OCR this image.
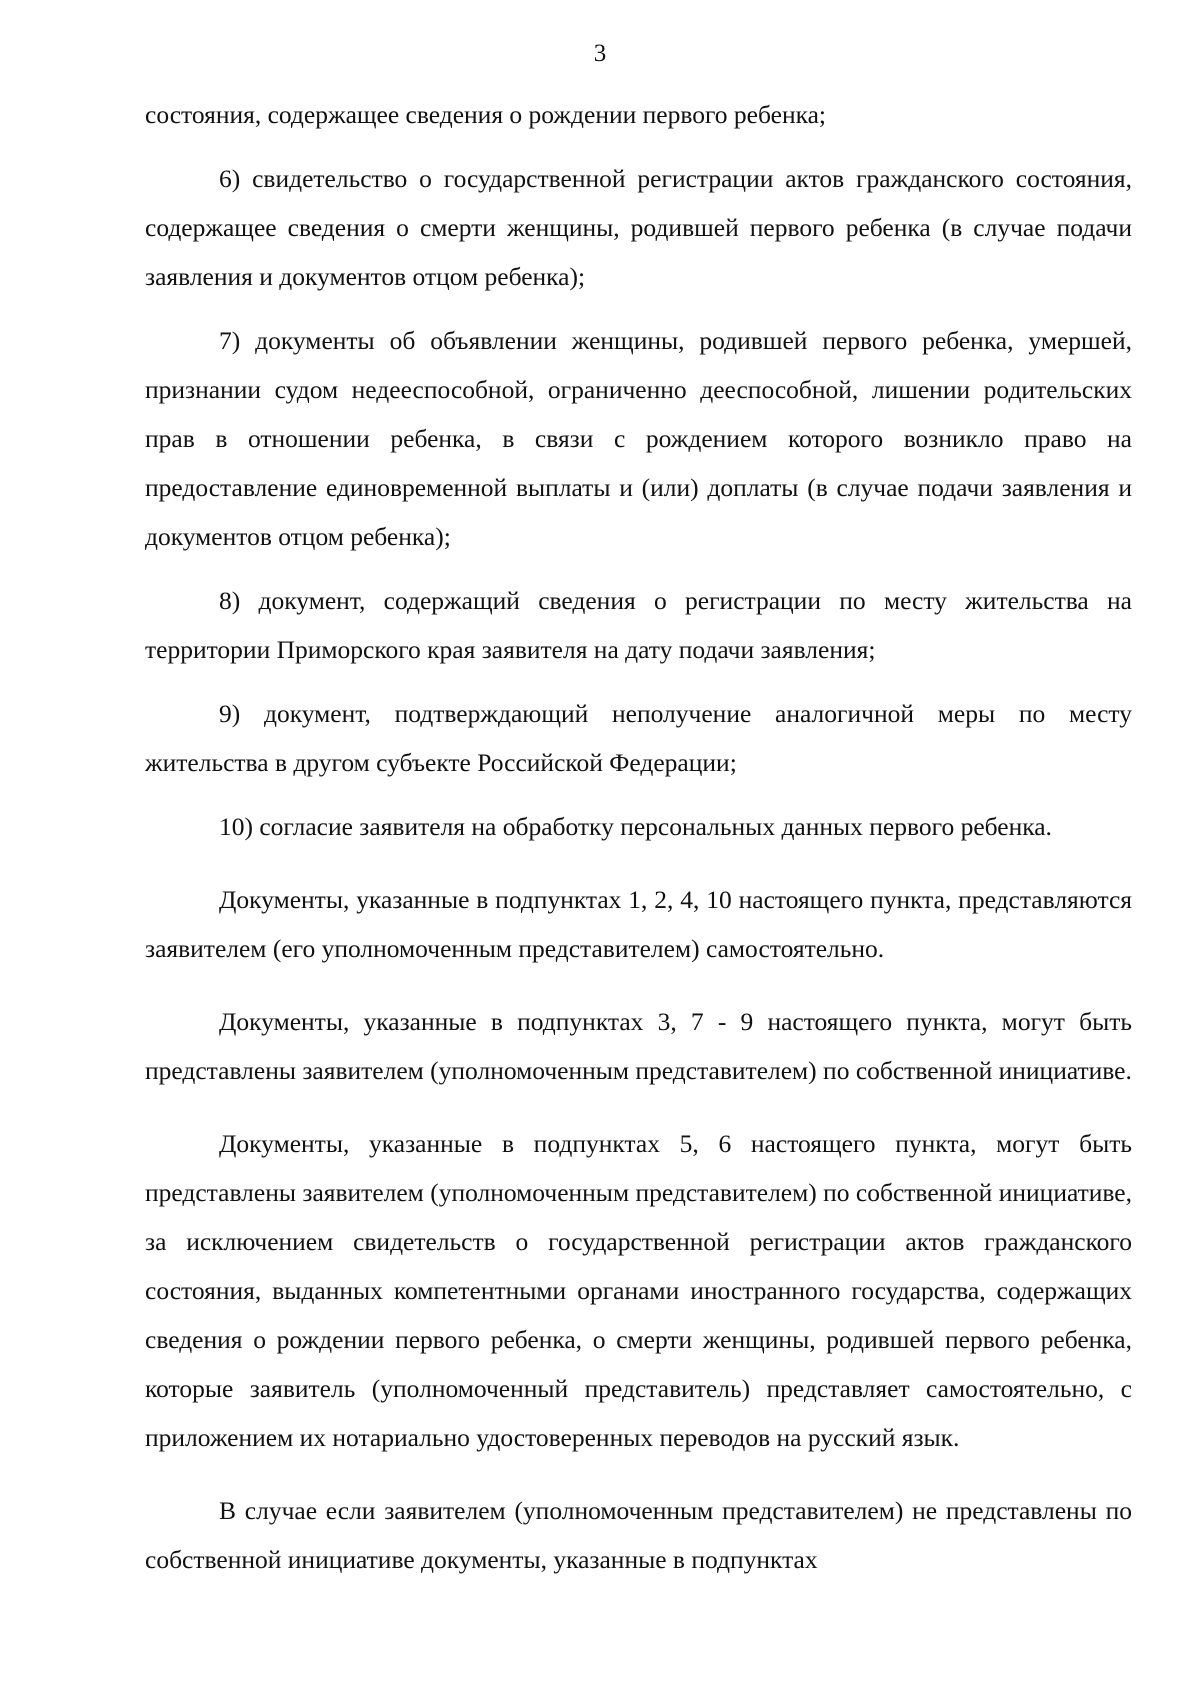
3

состояния, содержащее сведения о рождении первого ребенка;

6) свидетельство о государственной регистрации актов гражданского состояния, содержащее сведения о смерти женщины, родившей первого ребенка (в случае подачи заявления и документов отцом ребенка);

7) документы об объявлении женщины, родившей первого ребенка, умершей, признании судом недееспособной, ограниченно дееспособной, лишении родительских прав в отношении ребенка, в связи с рождением которого возникло право на предоставление единовременной выплаты и (или) доплаты (в случае подачи заявления и документов отцом ребенка);

8) документ, содержащий сведения о регистрации по месту жительства на территории Приморского края заявителя на дату подачи заявления;

9) документ, подтверждающий неполучение аналогичной меры по месту жительства в другом субъекте Российской Федерации;

10) согласие заявителя на обработку персональных данных первого ребенка.

Документы, указанные в подпунктах 1, 2, 4, 10 настоящего пункта, представляются заявителем (его уполномоченным представителем) самостоятельно.

Документы, указанные в подпунктах 3, 7 - 9 настоящего пункта, могут быть представлены заявителем (уполномоченным представителем) по собственной инициативе.

Документы, указанные в подпунктах 5, 6 настоящего пункта, могут быть представлены заявителем (уполномоченным представителем) по собственной инициативе, за исключением свидетельств о государственной регистрации актов гражданского состояния, выданных компетентными органами иностранного государства, содержащих сведения о рождении первого ребенка, о смерти женщины, родившей первого ребенка, которые заявитель (уполномоченный представитель) представляет самостоятельно, с приложением их нотариально удостоверенных переводов на русский язык.

В случае если заявителем (уполномоченным представителем) не представлены по собственной инициативе документы, указанные в подпунктах
